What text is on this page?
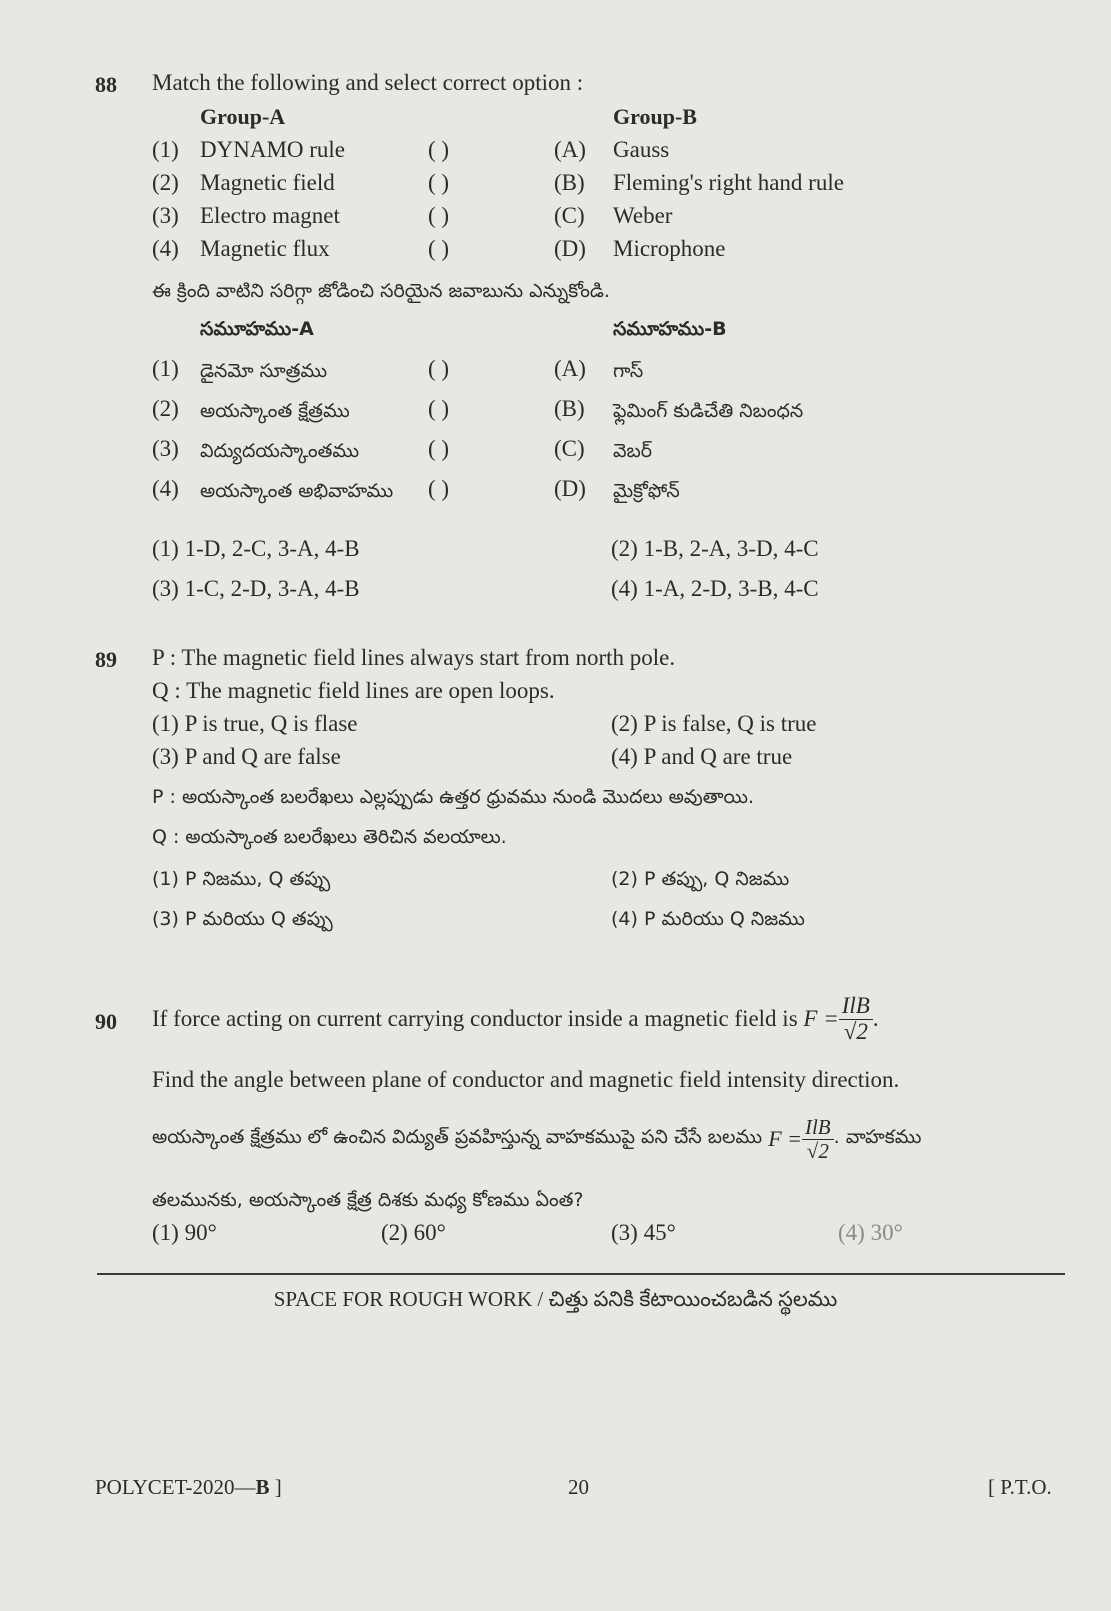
88 Match the following and select correct option :
Group-A	Group-B
(1) DYNAMO rule	( )	(A) Gauss
(2) Magnetic field	( )	(B) Fleming's right hand rule
(3) Electro magnet	( )	(C) Weber
(4) Magnetic flux	( )	(D) Microphone
ఈ క్రింది వాటిని సరిగ్గా జోడించి సరియైన జవాబును ఎన్నుకోండి.
సమూహము-A	సమూహము-B
(1) డైనమో సూత్రము	( )	(A) గాస్
(2) అయస్కాంత క్షేత్రము	( )	(B) ఫ్లెమింగ్ కుడిచేతి నిబంధన
(3) విద్యుదయస్కాంతము	( )	(C) వెబర్
(4) అయస్కాంత అభివాహము ( )	(D) మైక్రోఫోన్
(1) 1-D, 2-C, 3-A, 4-B	(2) 1-B, 2-A, 3-D, 4-C
(3) 1-C, 2-D, 3-A, 4-B	(4) 1-A, 2-D, 3-B, 4-C
89 P : The magnetic field lines always start from north pole.
Q : The magnetic field lines are open loops.
(1) P is true, Q is flase	(2) P is false, Q is true
(3) P and Q are false	(4) P and Q are true
P : అయస్కాంత బలరేఖలు ఎల్లప్పుడు ఉత్తర ధ్రువము నుండి మొదలు అవుతాయి.
Q : అయస్కాంత బలరేఖలు తెరిచిన వలయాలు.
(1) P నిజము, Q తప్పు	(2) P తప్పు, Q నిజము
(3) P మరియు Q తప్పు	(4) P మరియు Q నిజము
90 If force acting on current carrying conductor inside a magnetic field is
$F = \frac{\text{IlB}}{√2}$ .
Find the angle between plane of conductor and magnetic field intensity direction.
అయస్కాంత క్షేత్రము లో ఉంచిన విద్యుత్ ప్రవహిస్తున్న వాహకముపై పని చేసే బలము
$F = \frac{\text{IlB}}{√2}$ . వాహకము
తలమునకు, అయస్కాంత క్షేత్ర దిశకు మధ్య కోణము ఏంత?
(1) 90°	(2) 60°	(3) 45°	(4) 30°
SPACE FOR ROUGH WORK / చిత్తు పనికి కేటాయించబడిన స్థలము
POLYCET-2020—B ]	20	[ P.T.O.
